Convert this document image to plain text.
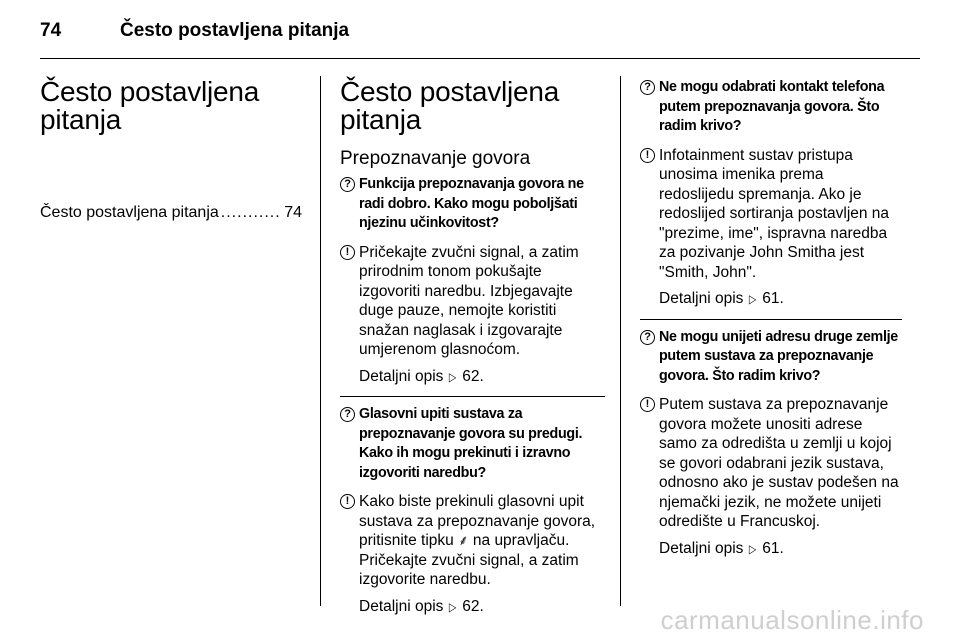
74	Često postavljena pitanja
Često postavljena pitanja
Često postavljena pitanja
.....	74
Često postavljena pitanja
Prepoznavanje govora
? Funkcija prepoznavanja govora ne radi dobro. Kako mogu poboljšati njezinu učinkovitost?
! Pričekajte zvučni signal, a zatim prirodnim tonom pokušajte izgovoriti naredbu. Izbjegavajte duge pauze, nemojte koristiti snažan naglasak i izgovarajte umjerenom glasnoćom.
Detaljni opis ▷ 62.
? Glasovni upiti sustava za prepoznavanje govora su predugi. Kako ih mogu prekinuti i izravno izgovoriti naredbu?
! Kako biste prekinuli glasovni upit sustava za prepoznavanje govora, pritisnite tipku ⸙ na upravljaču. Pričekajte zvučni signal, a zatim izgovorite naredbu.
Detaljni opis ▷ 62.
? Ne mogu odabrati kontakt telefona putem prepoznavanja govora. Što radim krivo?
! Infotainment sustav pristupa unosima imenika prema redoslijedu spremanja. Ako je redoslijed sortiranja postavljen na "prezime, ime", ispravna naredba za pozivanje John Smitha jest "Smith, John".
Detaljni opis ▷ 61.
? Ne mogu unijeti adresu druge zemlje putem sustava za prepoznavanje govora. Što radim krivo?
! Putem sustava za prepoznavanje govora možete unositi adrese samo za odredišta u zemlji u kojoj se govori odabrani jezik sustava, odnosno ako je sustav podešen na njemački jezik, ne možete unijeti odredište u Francuskoj.
Detaljni opis ▷ 61.
carmanualsonline.info
